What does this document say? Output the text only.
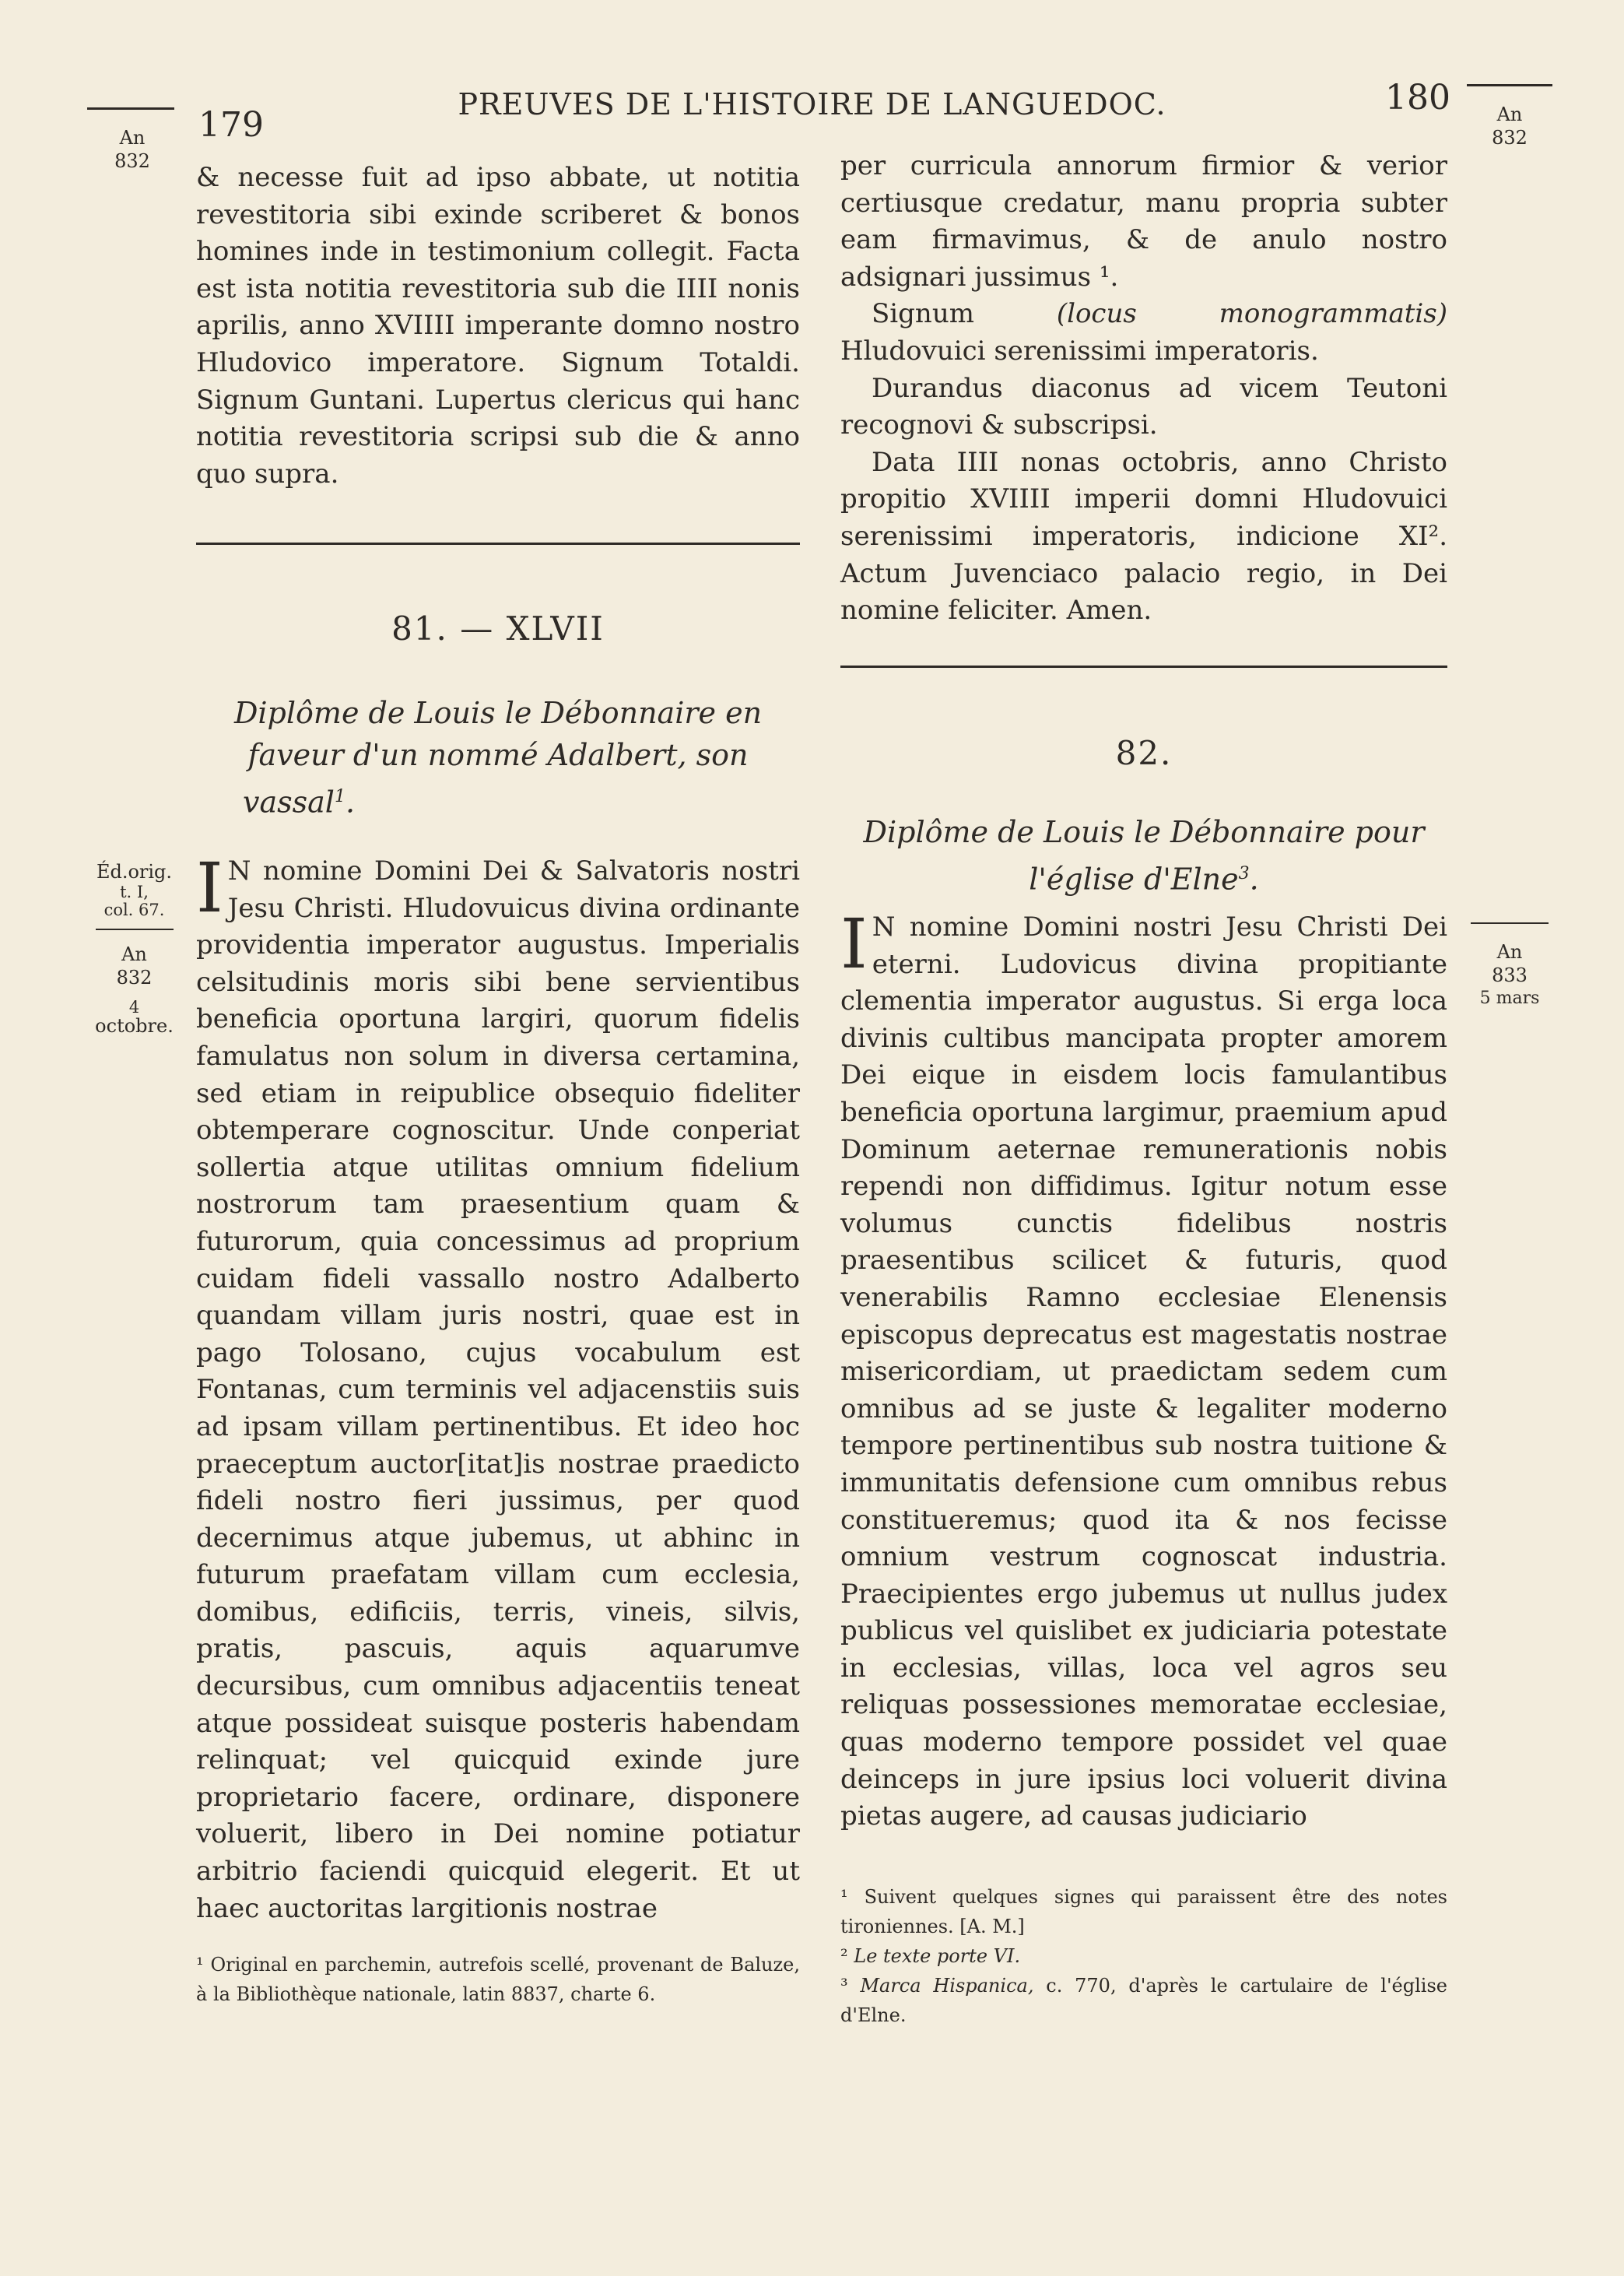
179
PREUVES DE L'HISTOIRE DE LANGUEDOC.	180
An
832
An
832
Éd.orig.
t. I,
col. 67.
An
832
4
octobre.
An
833
5 mars

& necesse fuit ad ipso abbate, ut notitia revestitoria sibi exinde scriberet & bonos homines inde in testimonium collegit. Facta est ista notitia revestitoria sub die IIII nonis aprilis, anno XVIIII imperante domno nostro Hludovico imperatore. Signum Totaldi. Signum Guntani. Lupertus clericus qui hanc notitia revestitoria scripsi sub die & anno quo supra.

81. — XLVII
Diplôme de Louis le Débonnaire en
faveur d'un nommé Adalbert, son
vassal$^1$.

I N nomine Domini Dei & Salvatoris nostri Jesu Christi. Hludovuicus divina ordinante providentia imperator augustus. Imperialis celsitudinis moris sibi bene servientibus beneficia oportuna largiri, quorum fidelis famulatus non solum in diversa certamina, sed etiam in reipublice obsequio fideliter obtemperare cognoscitur. Unde conperiat sollertia atque utilitas omnium fidelium nostrorum tam praesentium quam & futurorum, quia concessimus ad proprium cuidam fideli vassallo nostro Adalberto quandam villam juris nostri, quae est in pago Tolosano, cujus vocabulum est Fontanas, cum terminis vel adjacenstiis suis ad ipsam villam pertinentibus. Et ideo hoc praeceptum auctor[itat]is nostrae praedicto fideli nostro fieri jussimus, per quod decernimus atque jubemus, ut abhinc in futurum praefatam villam cum ecclesia, domibus, edificiis, terris, vineis, silvis, pratis, pascuis, aquis aquarumve decursibus, cum omnibus adjacentiis teneat atque possideat suisque posteris habendam relinquat; vel quicquid exinde jure proprietario facere, ordinare, disponere voluerit, libero in Dei nomine potiatur arbitrio faciendi quicquid elegerit. Et ut haec auctoritas largitionis nostrae

¹ Original en parchemin, autrefois scellé, provenant de Baluze, à la Bibliothèque nationale, latin 8837, charte 6.

per curricula annorum firmior & verior certiusque credatur, manu propria subter eam firmavimus, & de anulo nostro adsignari jussimus ¹.

Signum	(locus monogrammatis) Hludovuici serenissimi imperatoris.

Durandus diaconus ad vicem Teutoni recognovi & subscripsi.

Data IIII nonas octobris, anno Christo propitio XVIIII imperii domni Hludovuici serenissimi imperatoris, indicione XI². Actum Juvenciaco palacio regio, in Dei nomine feliciter. Amen.

82.
Diplôme de Louis le Débonnaire pour
l'église d'Elne$^3$.

I N nomine Domini nostri Jesu Christi Dei eterni. Ludovicus divina propitiante clementia imperator augustus. Si erga loca divinis cultibus mancipata propter amorem Dei eique in eisdem locis famulantibus beneficia oportuna largimur, praemium apud Dominum aeternae remunerationis nobis rependi non diffidimus. Igitur notum esse volumus cunctis fidelibus nostris praesentibus scilicet & futuris, quod venerabilis Ramno ecclesiae Elenensis episcopus deprecatus est magestatis nostrae misericordiam, ut praedictam sedem cum omnibus ad se juste & legaliter moderno tempore pertinentibus sub nostra tuitione & immunitatis defensione cum omnibus rebus constitueremus; quod ita & nos fecisse omnium vestrum cognoscat industria. Praecipientes ergo jubemus ut nullus judex publicus vel quislibet ex judiciaria potestate in ecclesias, villas, loca vel agros seu reliquas possessiones memoratae ecclesiae, quas moderno tempore possidet vel quae deinceps in jure ipsius loci voluerit divina pietas augere, ad causas judiciario

¹ Suivent quelques signes qui paraissent être des notes tironiennes. [A. M.]

² Le texte porte VI.

³ Marca Hispanica, c. 770, d'après le cartulaire de l'église d'Elne.
